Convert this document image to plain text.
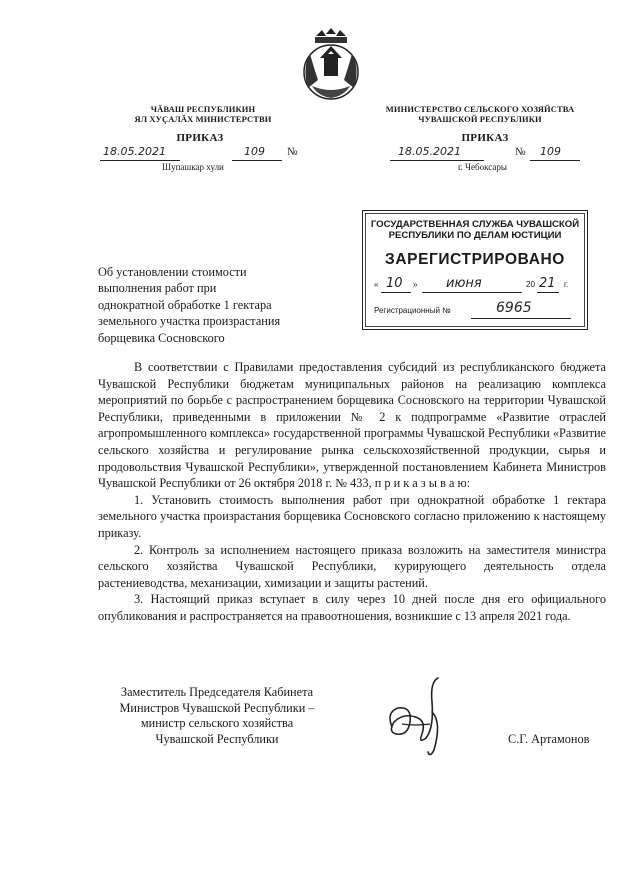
ЧĂВАШ РЕСПУБЛИКИН
ЯЛ ХУҪАЛĂХ МИНИСТЕРСТВИ
МИНИСТЕРСТВО СЕЛЬСКОГО ХОЗЯЙСТВА
ЧУВАШСКОЙ РЕСПУБЛИКИ
ПРИКАЗ
18.05.2021	109 №
Шупашкар хули
ПРИКАЗ
18.05.2021	№ 109
г. Чебоксары
ГОСУДАРСТВЕННАЯ СЛУЖБА ЧУВАШСКОЙ
РЕСПУБЛИКИ ПО ДЕЛАМ ЮСТИЦИИ
ЗАРЕГИСТРИРОВАНО
« 10 » июня	20 21 г.
Регистрационный №	6965
Об установлении стоимости
выполнения работ при
однократной обработке 1 гектара
земельного участка произрастания
борщевика Сосновского
В соответствии с Правилами предоставления субсидий из республиканского бюджета Чувашской Республики бюджетам муниципальных районов на реализацию комплекса мероприятий по борьбе с распространением борщевика Сосновского на территории Чувашской Республики, приведенными в приложении № 2 к подпрограмме «Развитие отраслей агропромышленного комплекса» государственной программы Чувашской Республики «Развитие сельского хозяйства и регулирование рынка сельскохозяйственной продукции, сырья и продовольствия Чувашской Республики», утвержденной постановлением Кабинета Министров Чувашской Республики от 26 октября 2018 г. № 433, п р и к а з ы в а ю:
1. Установить стоимость выполнения работ при однократной обработке 1 гектара земельного участка произрастания борщевика Сосновского согласно приложению к настоящему приказу.
2. Контроль за исполнением настоящего приказа возложить на заместителя министра сельского хозяйства Чувашской Республики, курирующего деятельность отдела растениеводства, механизации, химизации и защиты растений.
3. Настоящий приказ вступает в силу через 10 дней после дня его официального опубликования и распространяется на правоотношения, возникшие с 13 апреля 2021 года.
Заместитель Председателя Кабинета
Министров Чувашской Республики –
министр сельского хозяйства
Чувашской Республики	С.Г. Артамонов
